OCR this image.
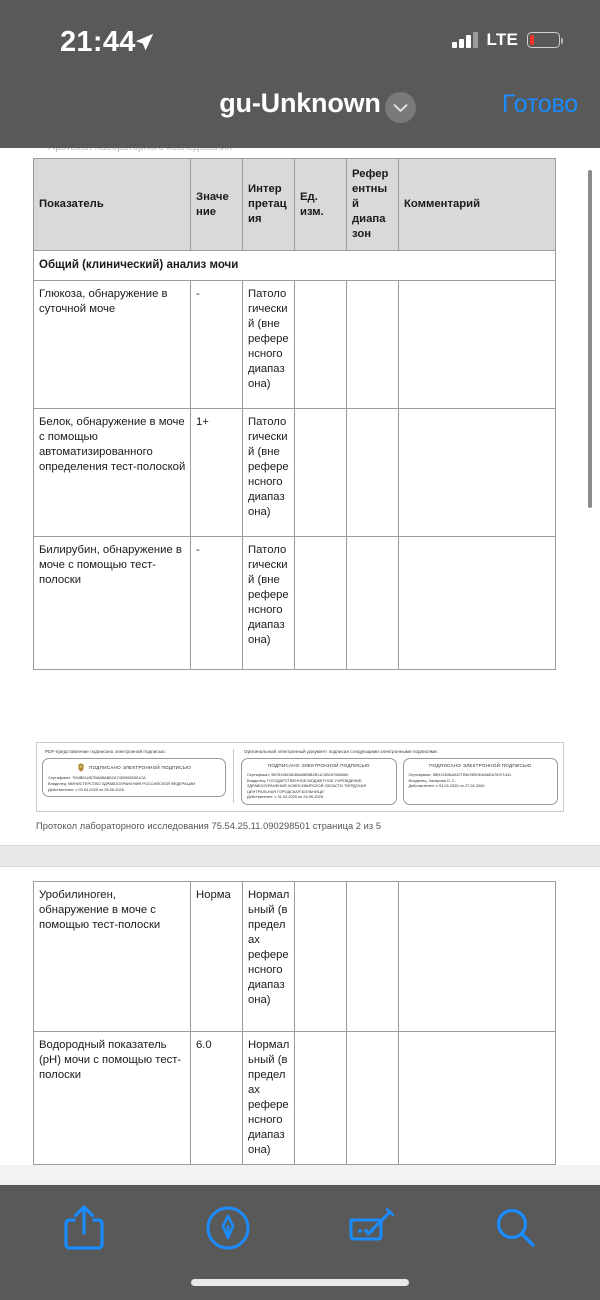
21:44	LTE
gu-Unknown	Готово
Показатель	Значе ние	Интер претац ия	Ед. изм.	Рефер ентны й диапа зон	Комментарий
Общий (клинический) анализ мочи					
Глюкоза, обнаружение в суточной моче	-	Патологический (вне референсного диапазона)			
Белок, обнаружение в моче с помощью автоматизированного определения тест-полоской	1+	Патологический (вне референсного диапазона)			
Билирубин, обнаружение в моче с помощью тест-полоски	-	Патологический (вне референсного диапазона)			
PDF-представление подписано электронной подписью:
ПОДПИСАНО ЭЛЕКТРОННОЙ ПОДПИСЬЮ
Сертификат: 7М4ВБ1И57В6АВАВБ2А74529650501СА
Владелец: МИНИСТЕРСТВО ЗДРАВООХРАНЕНИЯ РОССИЙСКОЙ ФЕДЕРАЦИИ
Действителен: с 03.04.2025 по 26.06.2026
Оригинальный электронный документ подписан следующими электронными подписями:
ПОДПИСАНО ЭЛЕКТРОННОЙ ПОДПИСЬЮ
Сертификат: 5В78198ОАБВБАВВ5В2В11С4В157665660
Владелец: ГОСУДАРСТВЕННОЕ БЮДЖЕТНОЕ УЧРЕЖДЕНИЕ ЗДРАВООХРАНЕНИЯ НОВОСИБИРСКОЙ ОБЛАСТИ "БЕРДСКАЯ ЦЕНТРАЛЬНАЯ ГОРОДСКАЯ БОЛЬНИЦА"
Действителен: с 31.03.2025 по 24.06.2026
ПОДПИСАНО ЭЛЕКТРОННОЙ ПОДПИСЬЮ
Сертификат: 5ВН1350БАА57ГВБО9ВОDАА6ЕА78971441
Владелец: Захарова О. С.
Действителен: с 03.04.2025 по 27.06.2026
Протокол лабораторного исследования 75.54.25.11.090298501 страница 2 из 5
Уробилиноген, обнаружение в моче с помощью тест-полоски	Норма	Нормальный (в пределах референсного диапазона)			
Водородный показатель (pH) мочи с помощью тест-полоски	6.0	Нормальный (в пределах референсного диапазона)			
